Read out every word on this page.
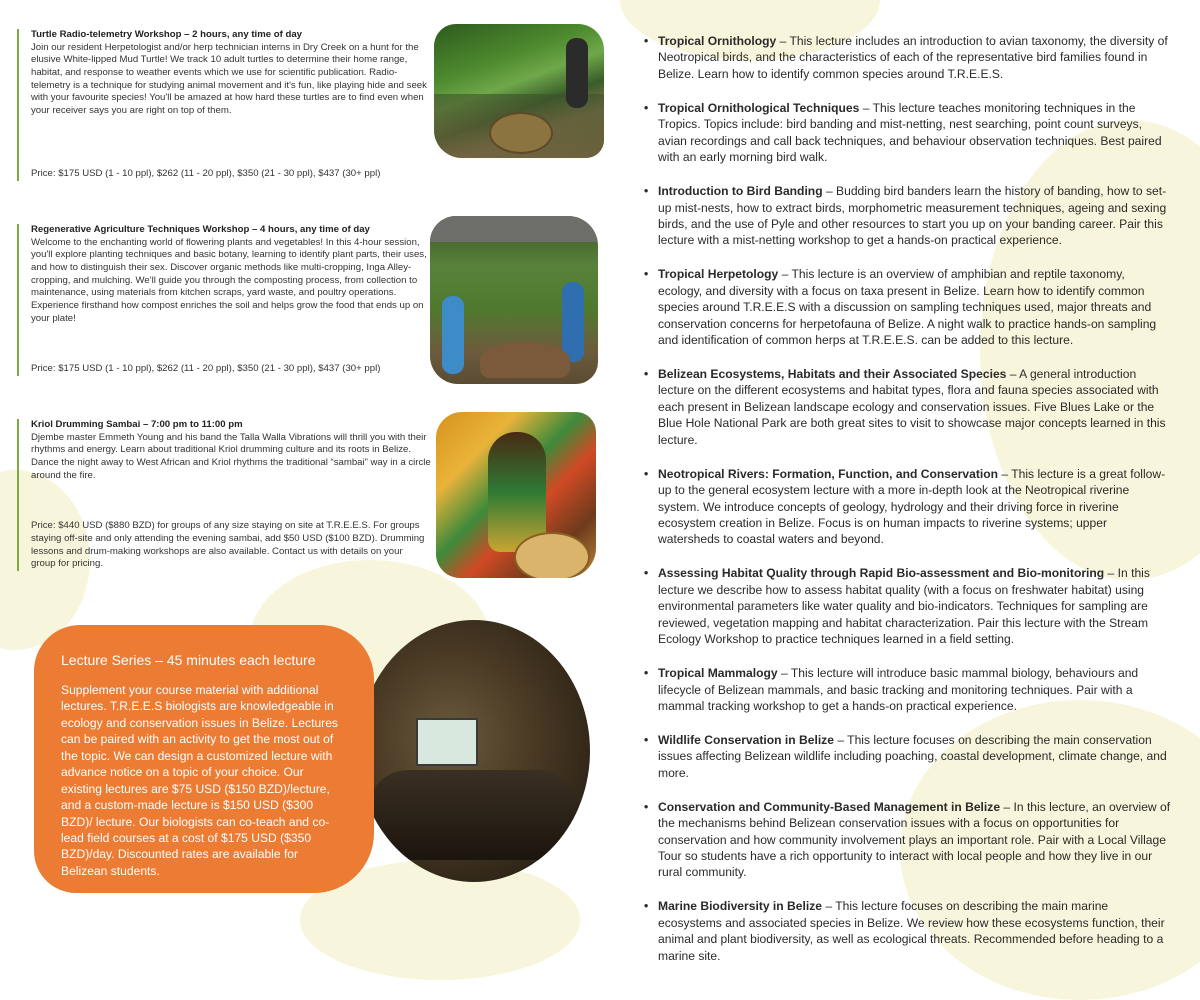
Turtle Radio-telemetry Workshop – 2 hours, any time of day
Join our resident Herpetologist and/or herp technician interns in Dry Creek on a hunt for the elusive White-lipped Mud Turtle! We track 10 adult turtles to determine their home range, habitat, and response to weather events which we use for scientific publication. Radio-telemetry is a technique for studying animal movement and it's fun, like playing hide and seek with your favourite species! You'll be amazed at how hard these turtles are to find even when your receiver says you are right on top of them.
Price: $175 USD (1 - 10 ppl), $262 (11 - 20 ppl), $350 (21 - 30 ppl), $437 (30+ ppl)
Regenerative Agriculture Techniques Workshop – 4 hours, any time of day
Welcome to the enchanting world of flowering plants and vegetables! In this 4-hour session, you'll explore planting techniques and basic botany, learning to identify plant parts, their uses, and how to distinguish their sex. Discover organic methods like multi-cropping, Inga Alley-cropping, and mulching. We'll guide you through the composting process, from collection to maintenance, using materials from kitchen scraps, yard waste, and poultry operations. Experience firsthand how compost enriches the soil and helps grow the food that ends up on your plate!
Price: $175 USD (1 - 10 ppl), $262 (11 - 20 ppl), $350 (21 - 30 ppl), $437 (30+ ppl)
Kriol Drumming Sambai – 7:00 pm to 11:00 pm
Djembe master Emmeth Young and his band the Talla Walla Vibrations will thrill you with their rhythms and energy. Learn about traditional Kriol drumming culture and its roots in Belize. Dance the night away to West African and Kriol rhythms the traditional “sambai” way in a circle around the fire.
Price: $440 USD ($880 BZD) for groups of any size staying on site at T.R.E.E.S. For groups staying off-site and only attending the evening sambai, add $50 USD ($100 BZD). Drumming lessons and drum-making workshops are also available. Contact us with details on your group for pricing.
Lecture Series – 45 minutes each lecture
Supplement your course material with additional lectures. T.R.E.E.S biologists are knowledgeable in ecology and conservation issues in Belize. Lectures can be paired with an activity to get the most out of the topic. We can design a customized lecture with advance notice on a topic of your choice. Our existing lectures are $75 USD ($150 BZD)/lecture, and a custom-made lecture is $150 USD ($300 BZD)/ lecture. Our biologists can co-teach and co-lead field courses at a cost of $175 USD ($350 BZD)/day. Discounted rates are available for Belizean students.
• Tropical Ornithology – This lecture includes an introduction to avian taxonomy, the diversity of Neotropical birds, and the characteristics of each of the representative bird families found in Belize. Learn how to identify common species around T.R.E.E.S.
• Tropical Ornithological Techniques – This lecture teaches monitoring techniques in the Tropics. Topics include: bird banding and mist-netting, nest searching, point count surveys, avian recordings and call back techniques, and behaviour observation techniques. Best paired with an early morning bird walk.
• Introduction to Bird Banding – Budding bird banders learn the history of banding, how to set-up mist-nests, how to extract birds, morphometric measurement techniques, ageing and sexing birds, and the use of Pyle and other resources to start you up on your banding career. Pair this lecture with a mist-netting workshop to get a hands-on practical experience.
• Tropical Herpetology – This lecture is an overview of amphibian and reptile taxonomy, ecology, and diversity with a focus on taxa present in Belize. Learn how to identify common species around T.R.E.E.S with a discussion on sampling techniques used, major threats and conservation concerns for herpetofauna of Belize. A night walk to practice hands-on sampling and identification of common herps at T.R.E.E.S. can be added to this lecture.
• Belizean Ecosystems, Habitats and their Associated Species – A general introduction lecture on the different ecosystems and habitat types, flora and fauna species associated with each present in Belizean landscape ecology and conservation issues. Five Blues Lake or the Blue Hole National Park are both great sites to visit to showcase major concepts learned in this lecture.
• Neotropical Rivers: Formation, Function, and Conservation – This lecture is a great follow-up to the general ecosystem lecture with a more in-depth look at the Neotropical riverine system. We introduce concepts of geology, hydrology and their driving force in riverine ecosystem creation in Belize. Focus is on human impacts to riverine systems; upper watersheds to coastal waters and beyond.
• Assessing Habitat Quality through Rapid Bio-assessment and Bio-monitoring – In this lecture we describe how to assess habitat quality (with a focus on freshwater habitat) using environmental parameters like water quality and bio-indicators. Techniques for sampling are reviewed, vegetation mapping and habitat characterization. Pair this lecture with the Stream Ecology Workshop to practice techniques learned in a field setting.
• Tropical Mammalogy – This lecture will introduce basic mammal biology, behaviours and lifecycle of Belizean mammals, and basic tracking and monitoring techniques. Pair with a mammal tracking workshop to get a hands-on practical experience.
• Wildlife Conservation in Belize – This lecture focuses on describing the main conservation issues affecting Belizean wildlife including poaching, coastal development, climate change, and more.
• Conservation and Community-Based Management in Belize – In this lecture, an overview of the mechanisms behind Belizean conservation issues with a focus on opportunities for conservation and how community involvement plays an important role. Pair with a Local Village Tour so students have a rich opportunity to interact with local people and how they live in our rural community.
• Marine Biodiversity in Belize – This lecture focuses on describing the main marine ecosystems and associated species in Belize. We review how these ecosystems function, their animal and plant biodiversity, as well as ecological threats. Recommended before heading to a marine site.
